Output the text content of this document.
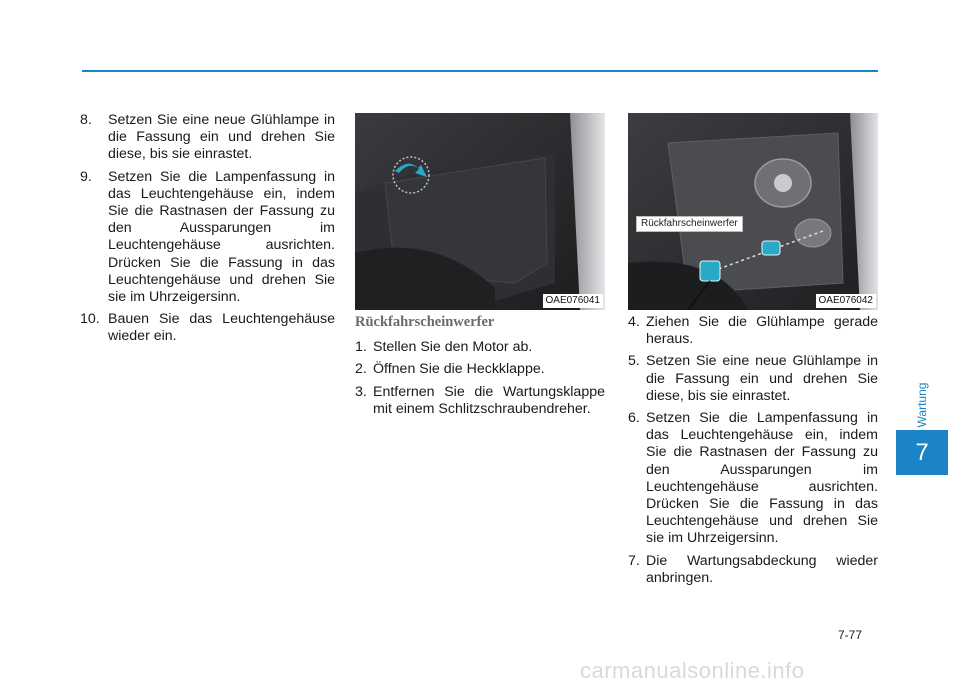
8. Setzen Sie eine neue Glühlampe in die Fassung ein und drehen Sie diese, bis sie einrastet.
9. Setzen Sie die Lampenfassung in das Leuchtengehäuse ein, indem Sie die Rastnasen der Fassung zu den Aussparungen im Leuchtengehäuse ausrichten. Drücken Sie die Fassung in das Leuchtengehäuse und drehen Sie sie im Uhrzeigersinn.
10. Bauen Sie das Leuchtengehäuse wieder ein.
OAE076041
Rückfahrscheinwerfer
1. Stellen Sie den Motor ab.
2. Öffnen Sie die Heckklappe.
3. Entfernen Sie die Wartungsklappe mit einem Schlitzschraubendreher.
OAE076042
Rückfahrscheinwerfer
4. Ziehen Sie die Glühlampe gerade heraus.
5. Setzen Sie eine neue Glühlampe in die Fassung ein und drehen Sie diese, bis sie einrastet.
6. Setzen Sie die Lampenfassung in das Leuchtengehäuse ein, indem Sie die Rastnasen der Fassung zu den Aussparungen im Leuchtengehäuse ausrichten. Drücken Sie die Fassung in das Leuchtengehäuse und drehen Sie sie im Uhrzeigersinn.
7. Die Wartungsabdeckung wieder anbringen.
Wartung
7
7-77
carmanualsonline.info
